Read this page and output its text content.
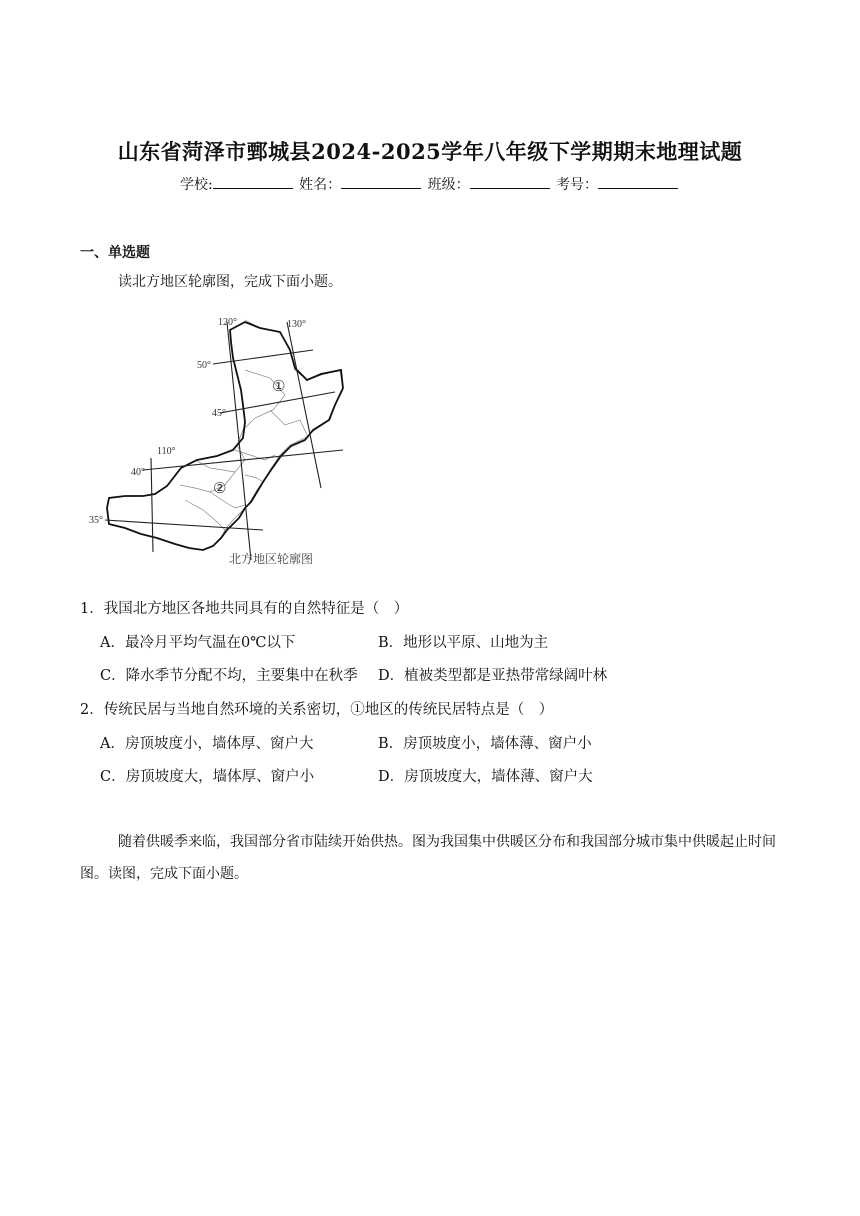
山东省菏泽市鄄城县2024-2025学年八年级下学期期末地理试题
学校:	姓名：	班级：	考号：
一、单选题
读北方地区轮廓图，完成下面小题。
120°	130°
110°
50°
45°
40°
35°
①
②
北方地区轮廓图
1．我国北方地区各地共同具有的自然特征是（　）
A．最冷月平均气温在0℃以下	B．地形以平原、山地为主
C．降水季节分配不均，主要集中在秋季 D．植被类型都是亚热带常绿阔叶林
2．传统民居与当地自然环境的关系密切，①地区的传统民居特点是（　）
A．房顶坡度小，墙体厚、窗户大	B．房顶坡度小，墙体薄、窗户小
C．房顶坡度大，墙体厚、窗户小	D．房顶坡度大，墙体薄、窗户大
随着供暖季来临，我国部分省市陆续开始供热。图为我国集中供暖区分布和我国部分城市集中供暖起止时间图。读图，完成下面小题。
